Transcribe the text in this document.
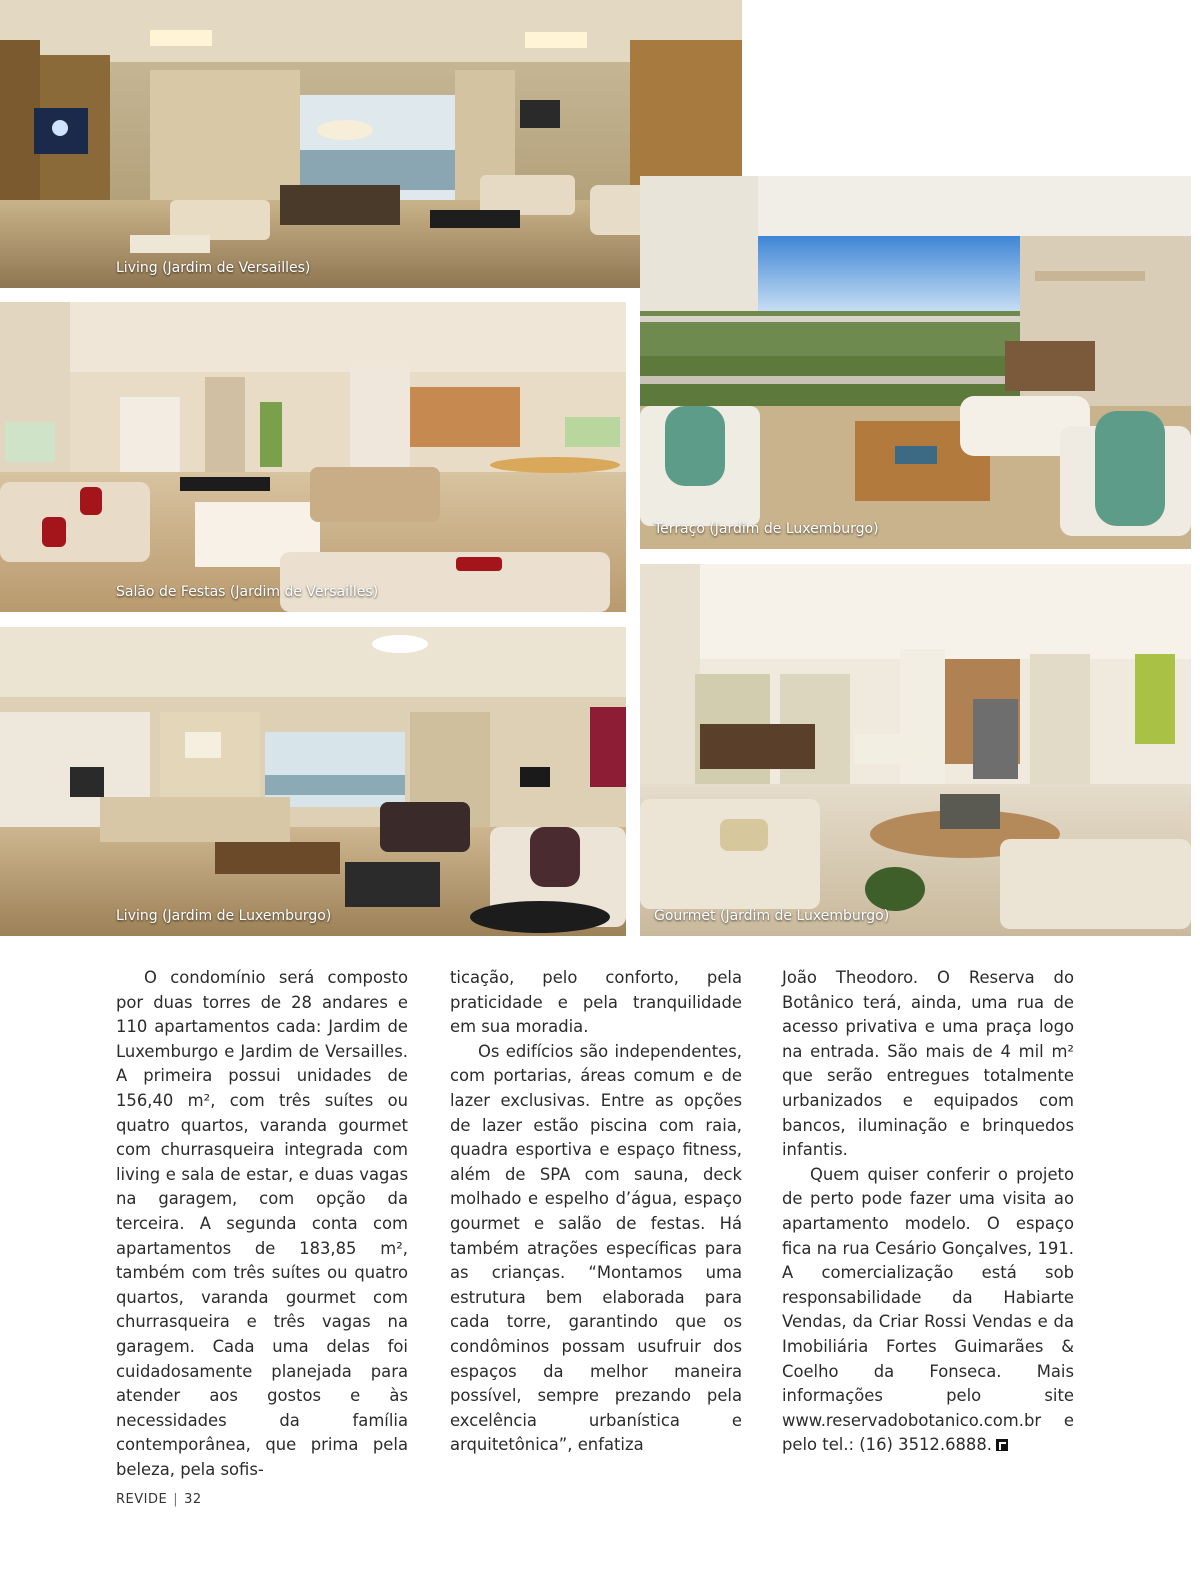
Living (Jardim de Versailles)
Terraço (Jardim de Luxemburgo)
Salão de Festas (Jardim de Versailles)
Living (Jardim de Luxemburgo)	Gourmet (Jardim de Luxemburgo)

O condomínio será composto por duas torres de 28 andares e 110 apartamentos cada: Jardim de Luxemburgo e Jardim de Versailles. A primeira possui unidades de 156,40 m², com três suítes ou quatro quartos, varanda gourmet com churrasqueira integrada com living e sala de estar, e duas vagas na garagem, com opção da terceira. A segunda conta com apartamentos de 183,85 m², também com três suítes ou quatro quartos, varanda gourmet com churrasqueira e três vagas na garagem. Cada uma delas foi cuidadosamente planejada para atender aos gostos e às necessidades da família contemporânea, que prima pela beleza, pela sofis-

ticação, pelo conforto, pela praticidade e pela tranquilidade em sua moradia.

Os edifícios são independentes, com portarias, áreas comum e de lazer exclusivas. Entre as opções de lazer estão piscina com raia, quadra esportiva e espaço fitness, além de SPA com sauna, deck molhado e espelho d’água, espaço gourmet e salão de festas. Há também atrações específicas para as crianças. “Montamos uma estrutura bem elaborada para cada torre, garantindo que os condôminos possam usufruir dos espaços da melhor maneira possível, sempre prezando pela excelência urbanística e arquitetônica”, enfatiza

João Theodoro. O Reserva do Botânico terá, ainda, uma rua de acesso privativa e uma praça logo na entrada. São mais de 4 mil m² que serão entregues totalmente urbanizados e equipados com bancos, iluminação e brinquedos infantis.

Quem quiser conferir o projeto de perto pode fazer uma visita ao apartamento modelo. O espaço fica na rua Cesário Gonçalves, 191. A comercialização está sob responsabilidade da Habiarte Vendas, da Criar Rossi Vendas e da Imobiliária Fortes Guimarães & Coelho da Fonseca. Mais informações pelo site www.reservadobotanico.com.br e pelo tel.: (16) 3512.6888.

REVIDE | 32
